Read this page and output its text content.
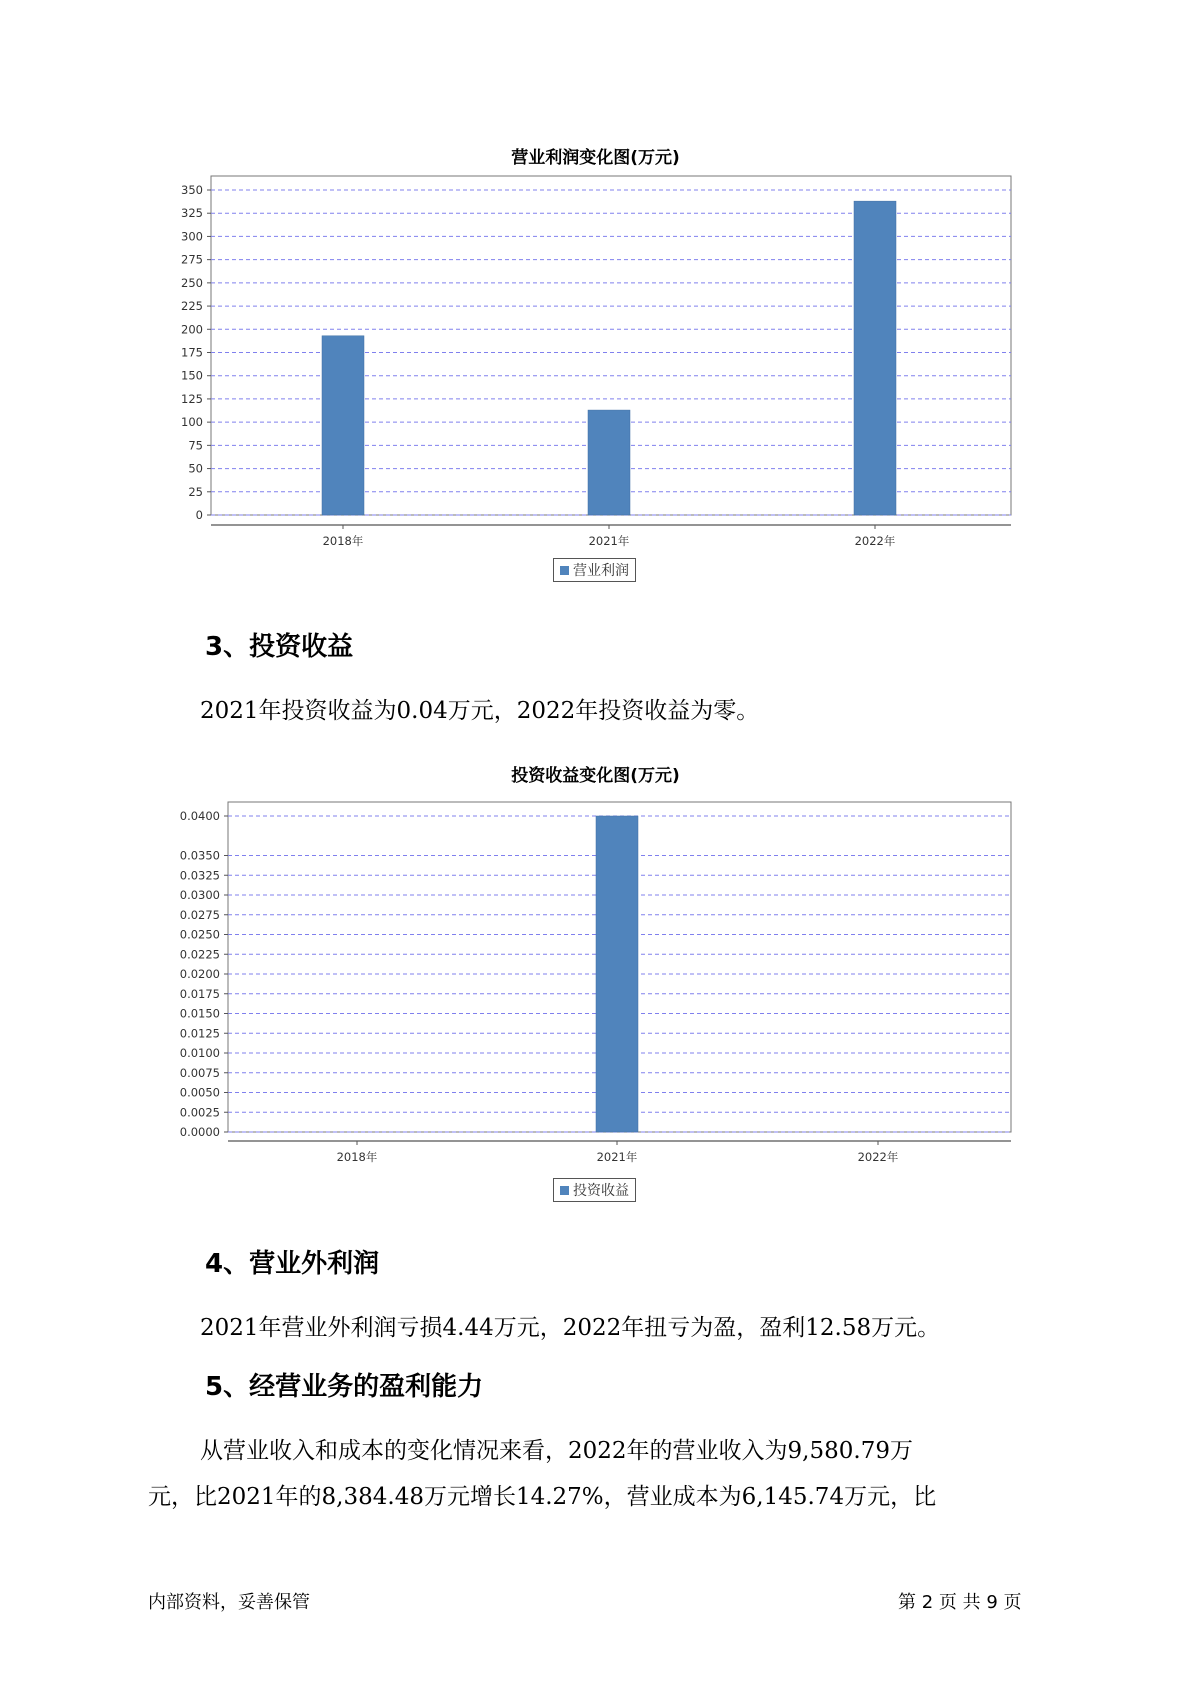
营业利润变化图(万元)
0
25
50
75
100
125
150
175
200
225
250
275
300
325
350
2018年	2021年	2022年
营业利润
3、投资收益
2021年投资收益为0.04万元，2022年投资收益为零。
投资收益变化图(万元)
0.0000
0.0025
0.0050
0.0075
0.0100
0.0125
0.0150
0.0175
0.0200
0.0225
0.0250
0.0275
0.0300
0.0325
0.0350
0.0400
2018年	2021年	2022年
投资收益
4、营业外利润
2021年营业外利润亏损4.44万元，2022年扭亏为盈，盈利12.58万元。
5、经营业务的盈利能力
从营业收入和成本的变化情况来看，2022年的营业收入为9,580.79万
元，比2021年的8,384.48万元增长14.27%，营业成本为6,145.74万元，比
内部资料，妥善保管	第 2 页 共 9 页
